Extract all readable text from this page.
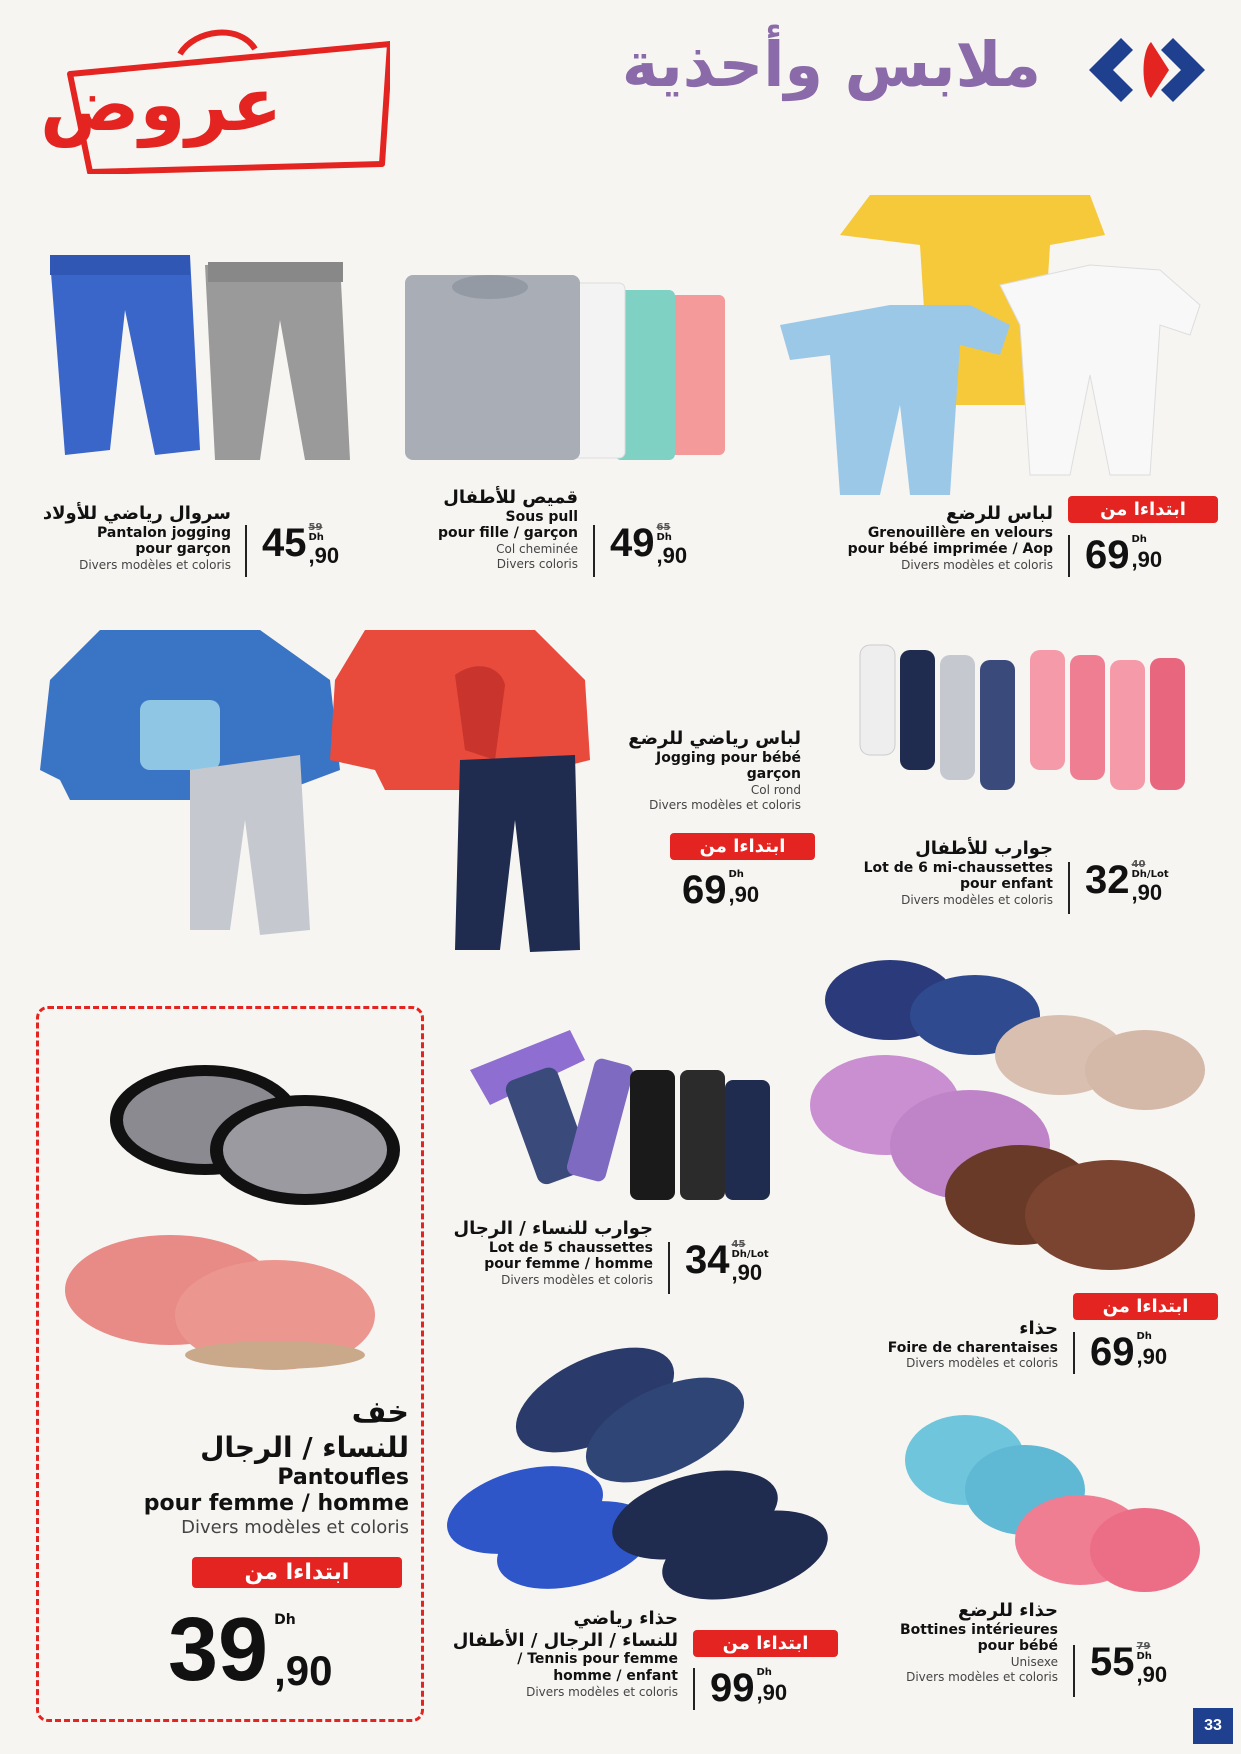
ملابس وأحذية
عروض
سروال رياضي للأولاد
Pantalon jogging
pour garçon
Divers modèles et coloris
45 59
Dh
,90
قميص للأطفال
Sous pull
pour fille / garçon
Col cheminée
Divers coloris 49 65
Dh
,90
ابتداءا من
لباس للرضع
Grenouillère en velours
pour bébé imprimée / Aop
Divers modèles et coloris 69 Dh
,90
لباس رياضي للرضع
Jogging pour bébé
garçon
Col rond
Divers modèles et coloris
ابتداءا من
69 Dh
,90
جوارب للأطفال
Lot de 6 mi-chaussettes
pour enfant
Divers modèles et coloris 32 40
Dh/Lot
,90
خف
للنساء / الرجال
Pantoufles
pour femme / homme
Divers modèles et coloris
ابتداءا من
39 Dh
,90
جوارب للنساء / الرجال
Lot de 5 chaussettes
pour femme / homme
Divers modèles et coloris 34 45
Dh/Lot
,90
ابتداءا من
حذاء
Foire de charentaises
Divers modèles et coloris 69 Dh
,90
حذاء رياضي
للنساء / الرجال / الأطفال
Tennis pour femme /
homme / enfant
Divers modèles et coloris
ابتداءا من
99 Dh
,90
حذاء للرضع
Bottines intérieures
pour bébé
Unisexe
Divers modèles et coloris 55 79
Dh
,90
33
